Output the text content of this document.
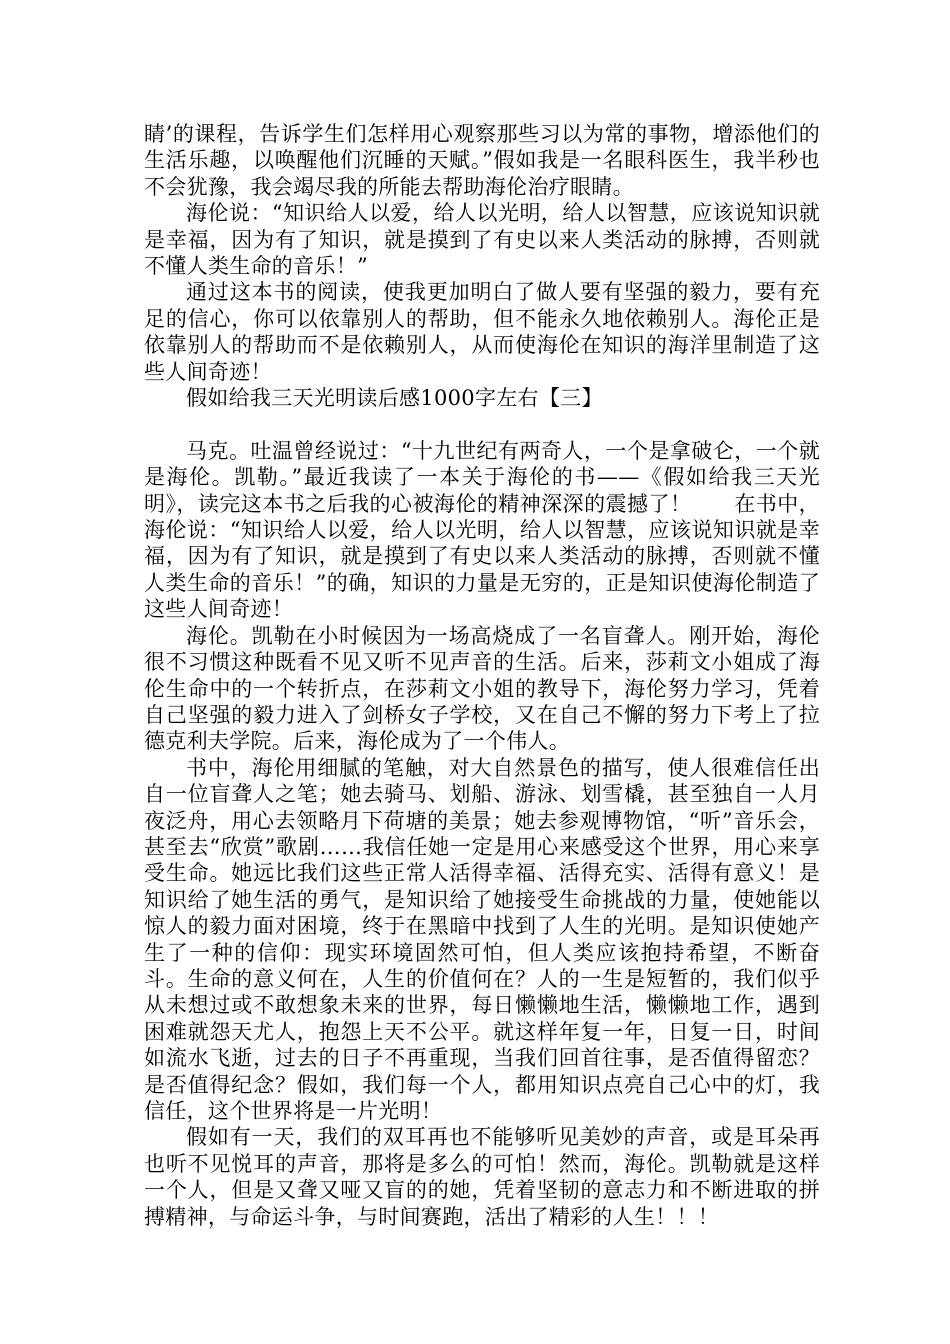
睛’的课程，告诉学生们怎样用心观察那些习以为常的事物，增添他们的生活乐趣，以唤醒他们沉睡的天赋。”假如我是一名眼科医生，我半秒也不会犹豫，我会竭尽我的所能去帮助海伦治疗眼睛。

海伦说：“知识给人以爱，给人以光明，给人以智慧，应该说知识就是幸福，因为有了知识，就是摸到了有史以来人类活动的脉搏，否则就不懂人类生命的音乐！”

通过这本书的阅读，使我更加明白了做人要有坚强的毅力，要有充足的信心，你可以依靠别人的帮助，但不能永久地依赖别人。海伦正是依靠别人的帮助而不是依赖别人，从而使海伦在知识的海洋里制造了这些人间奇迹！

假如给我三天光明读后感1000字左右【三】

马克。吐温曾经说过：“十九世纪有两奇人，一个是拿破仑，一个就是海伦。凯勒。”最近我读了一本关于海伦的书——《假如给我三天光明》，读完这本书之后我的心被海伦的精神深深的震撼了！　　在书中，海伦说：“知识给人以爱，给人以光明，给人以智慧，应该说知识就是幸福，因为有了知识，就是摸到了有史以来人类活动的脉搏，否则就不懂人类生命的音乐！”的确，知识的力量是无穷的，正是知识使海伦制造了这些人间奇迹！

海伦。凯勒在小时候因为一场高烧成了一名盲聋人。刚开始，海伦很不习惯这种既看不见又听不见声音的生活。后来，莎莉文小姐成了海伦生命中的一个转折点，在莎莉文小姐的教导下，海伦努力学习，凭着自己坚强的毅力进入了剑桥女子学校，又在自己不懈的努力下考上了拉德克利夫学院。后来，海伦成为了一个伟人。

书中，海伦用细腻的笔触，对大自然景色的描写，使人很难信任出自一位盲聋人之笔；她去骑马、划船、游泳、划雪橇，甚至独自一人月夜泛舟，用心去领略月下荷塘的美景；她去参观博物馆，“听”音乐会，甚至去“欣赏”歌剧……我信任她一定是用心来感受这个世界，用心来享受生命。她远比我们这些正常人活得幸福、活得充实、活得有意义！是知识给了她生活的勇气，是知识给了她接受生命挑战的力量，使她能以惊人的毅力面对困境，终于在黑暗中找到了人生的光明。是知识使她产生了一种的信仰：现实环境固然可怕，但人类应该抱持希望，不断奋斗。生命的意义何在，人生的价值何在？人的一生是短暂的，我们似乎从未想过或不敢想象未来的世界，每日懒懒地生活，懒懒地工作，遇到困难就怨天尤人，抱怨上天不公平。就这样年复一年，日复一日，时间如流水飞逝，过去的日子不再重现，当我们回首往事，是否值得留恋？是否值得纪念？假如，我们每一个人，都用知识点亮自己心中的灯，我信任，这个世界将是一片光明！

假如有一天，我们的双耳再也不能够听见美妙的声音，或是耳朵再也听不见悦耳的声音，那将是多么的可怕！然而，海伦。凯勒就是这样一个人，但是又聋又哑又盲的的她，凭着坚韧的意志力和不断进取的拼搏精神，与命运斗争，与时间赛跑，活出了精彩的人生！！！
